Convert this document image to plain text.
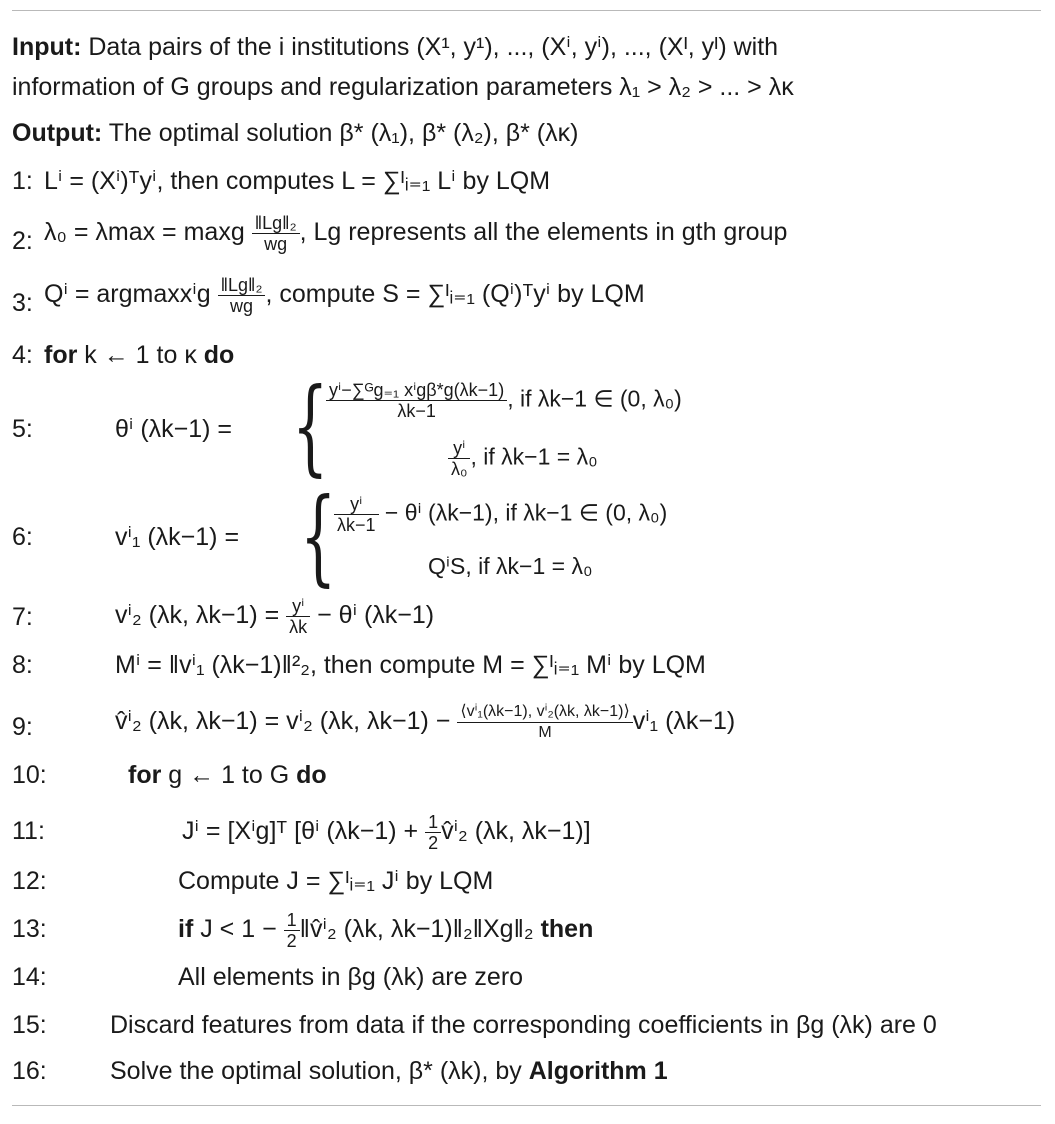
Input: Data pairs of the i institutions (X¹, y¹), ..., (Xⁱ, yⁱ), ..., (Xᴵ, yᴵ) with
information of G groups and regularization parameters λ₁ > λ₂ > ... > λκ
Output: The optimal solution β* (λ₁), β* (λ₂), β* (λκ)
1: Lⁱ = (Xⁱ)ᵀyⁱ, then computes L = ∑ᴵᵢ₌₁ Lⁱ by LQM
2: λ₀ = λmax = maxg $\frac{\text{‖Lg‖₂}}{wg}$ , Lg represents all the elements in gth group
3: Qⁱ = argmaxxⁱg $\frac{\text{‖Lg‖₂}}{wg}$ , compute S = ∑ᴵᵢ₌₁ (Qⁱ)ᵀyⁱ by LQM
4: for k ← 1 to κ do
5:	θⁱ (λk−1) = {
$\frac{\text{yⁱ−∑ᴳg₌₁ xⁱgβ*g(λk−1)}}{\lambda k-1}$ , if λk−1 ∈ (0, λ₀)
$\frac{\text{yⁱ}}{\text{λ₀}}$ , if λk−1 = λ₀
6:	vⁱ₁ (λk−1) = {
$\frac{\text{yⁱ}}{\lambda k-1} - \theta^i$ (λk−1), if λk−1 ∈ (0, λ₀)
QⁱS, if λk−1 = λ₀
7:	vⁱ₂ (λk, $\lambda k-1) = \frac{\text{yⁱ}}{\lambda k} - \theta^i$ (λk−1)
8:	Mⁱ = ‖vⁱ₁ (λk−1)‖²₂, then compute M = ∑ᴵᵢ₌₁ Mⁱ by LQM
9:	v̂ⁱ₂ (λk, λk−1) = vⁱ₂ (λk, $\lambda k-1) - \frac{\text{⟨vⁱ₁(λk−1), vⁱ₂(λk, λk−1)⟩}}{M} v^i_1$ (λk−1)
10:	for g ← 1 to G do
11:	Jⁱ = [Xⁱg]ᵀ [θⁱ $(\lambda k-1) + \frac{1}{2}$ v̂ⁱ₂ (λk, λk−1)]
12:	Compute J = ∑ᴵᵢ₌₁ Jⁱ by LQM
13:	if $J < 1 - \frac{1}{2}$ ‖v̂ⁱ₂ (λk, λk−1)‖₂‖Xg‖₂ then
14:	All elements in βg (λk) are zero
15:	Discard features from data if the corresponding coefficients in βg (λk) are 0
16:	Solve the optimal solution, β* (λk), by Algorithm 1
